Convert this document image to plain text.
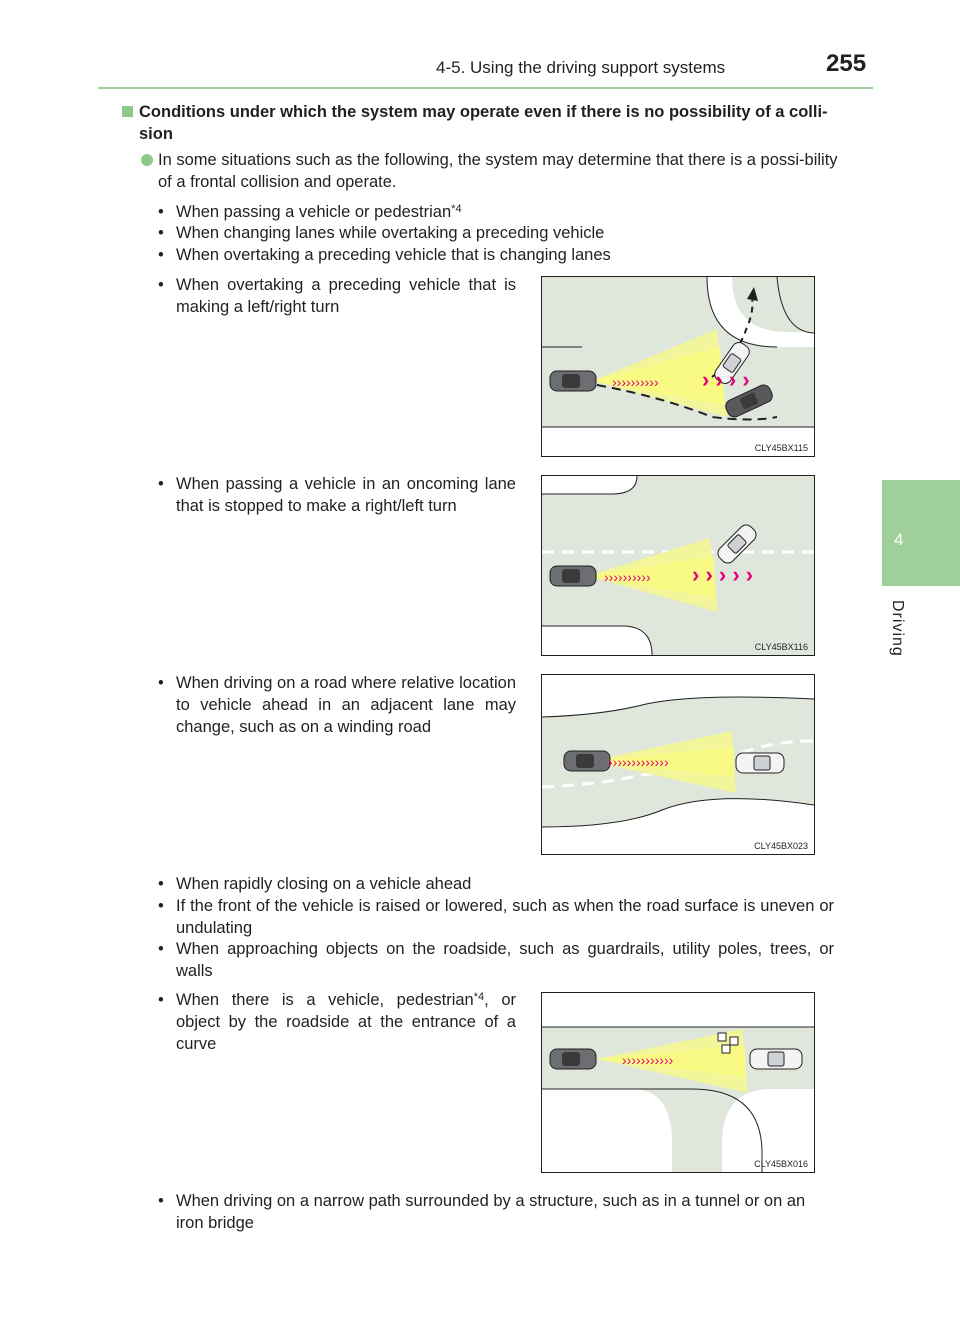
4-5. Using the driving support systems	255
4
Driving
Conditions under which the system may operate even if there is no possibility of a colli-sion
In some situations such as the following, the system may determine that there is a possi-bility of a frontal collision and operate.
• When passing a vehicle or pedestrian$^{*4}$
• When changing lanes while overtaking a preceding vehicle
• When overtaking a preceding vehicle that is changing lanes
• When overtaking a preceding vehicle that is making a left/right turn
›››››››››› › › › ›
CLY45BX115
• When passing a vehicle in an oncoming lane that is stopped to make a right/left turn
›››››››››› › › › › ›
CLY45BX116
• When driving on a road where relative location to vehicle ahead in an adjacent lane may change, such as on a winding road
›››››››››››››
CLY45BX023
• When rapidly closing on a vehicle ahead
• If the front of the vehicle is raised or lowered, such as when the road surface is uneven or undulating
• When approaching objects on the roadside, such as guardrails, utility poles, trees, or walls
• When there is a vehicle, pedestrian$^{*4}$, or object by the roadside at the entrance of a curve
›››››››››››
CLY45BX016
• When driving on a narrow path surrounded by a structure, such as in a tunnel or on an iron bridge
